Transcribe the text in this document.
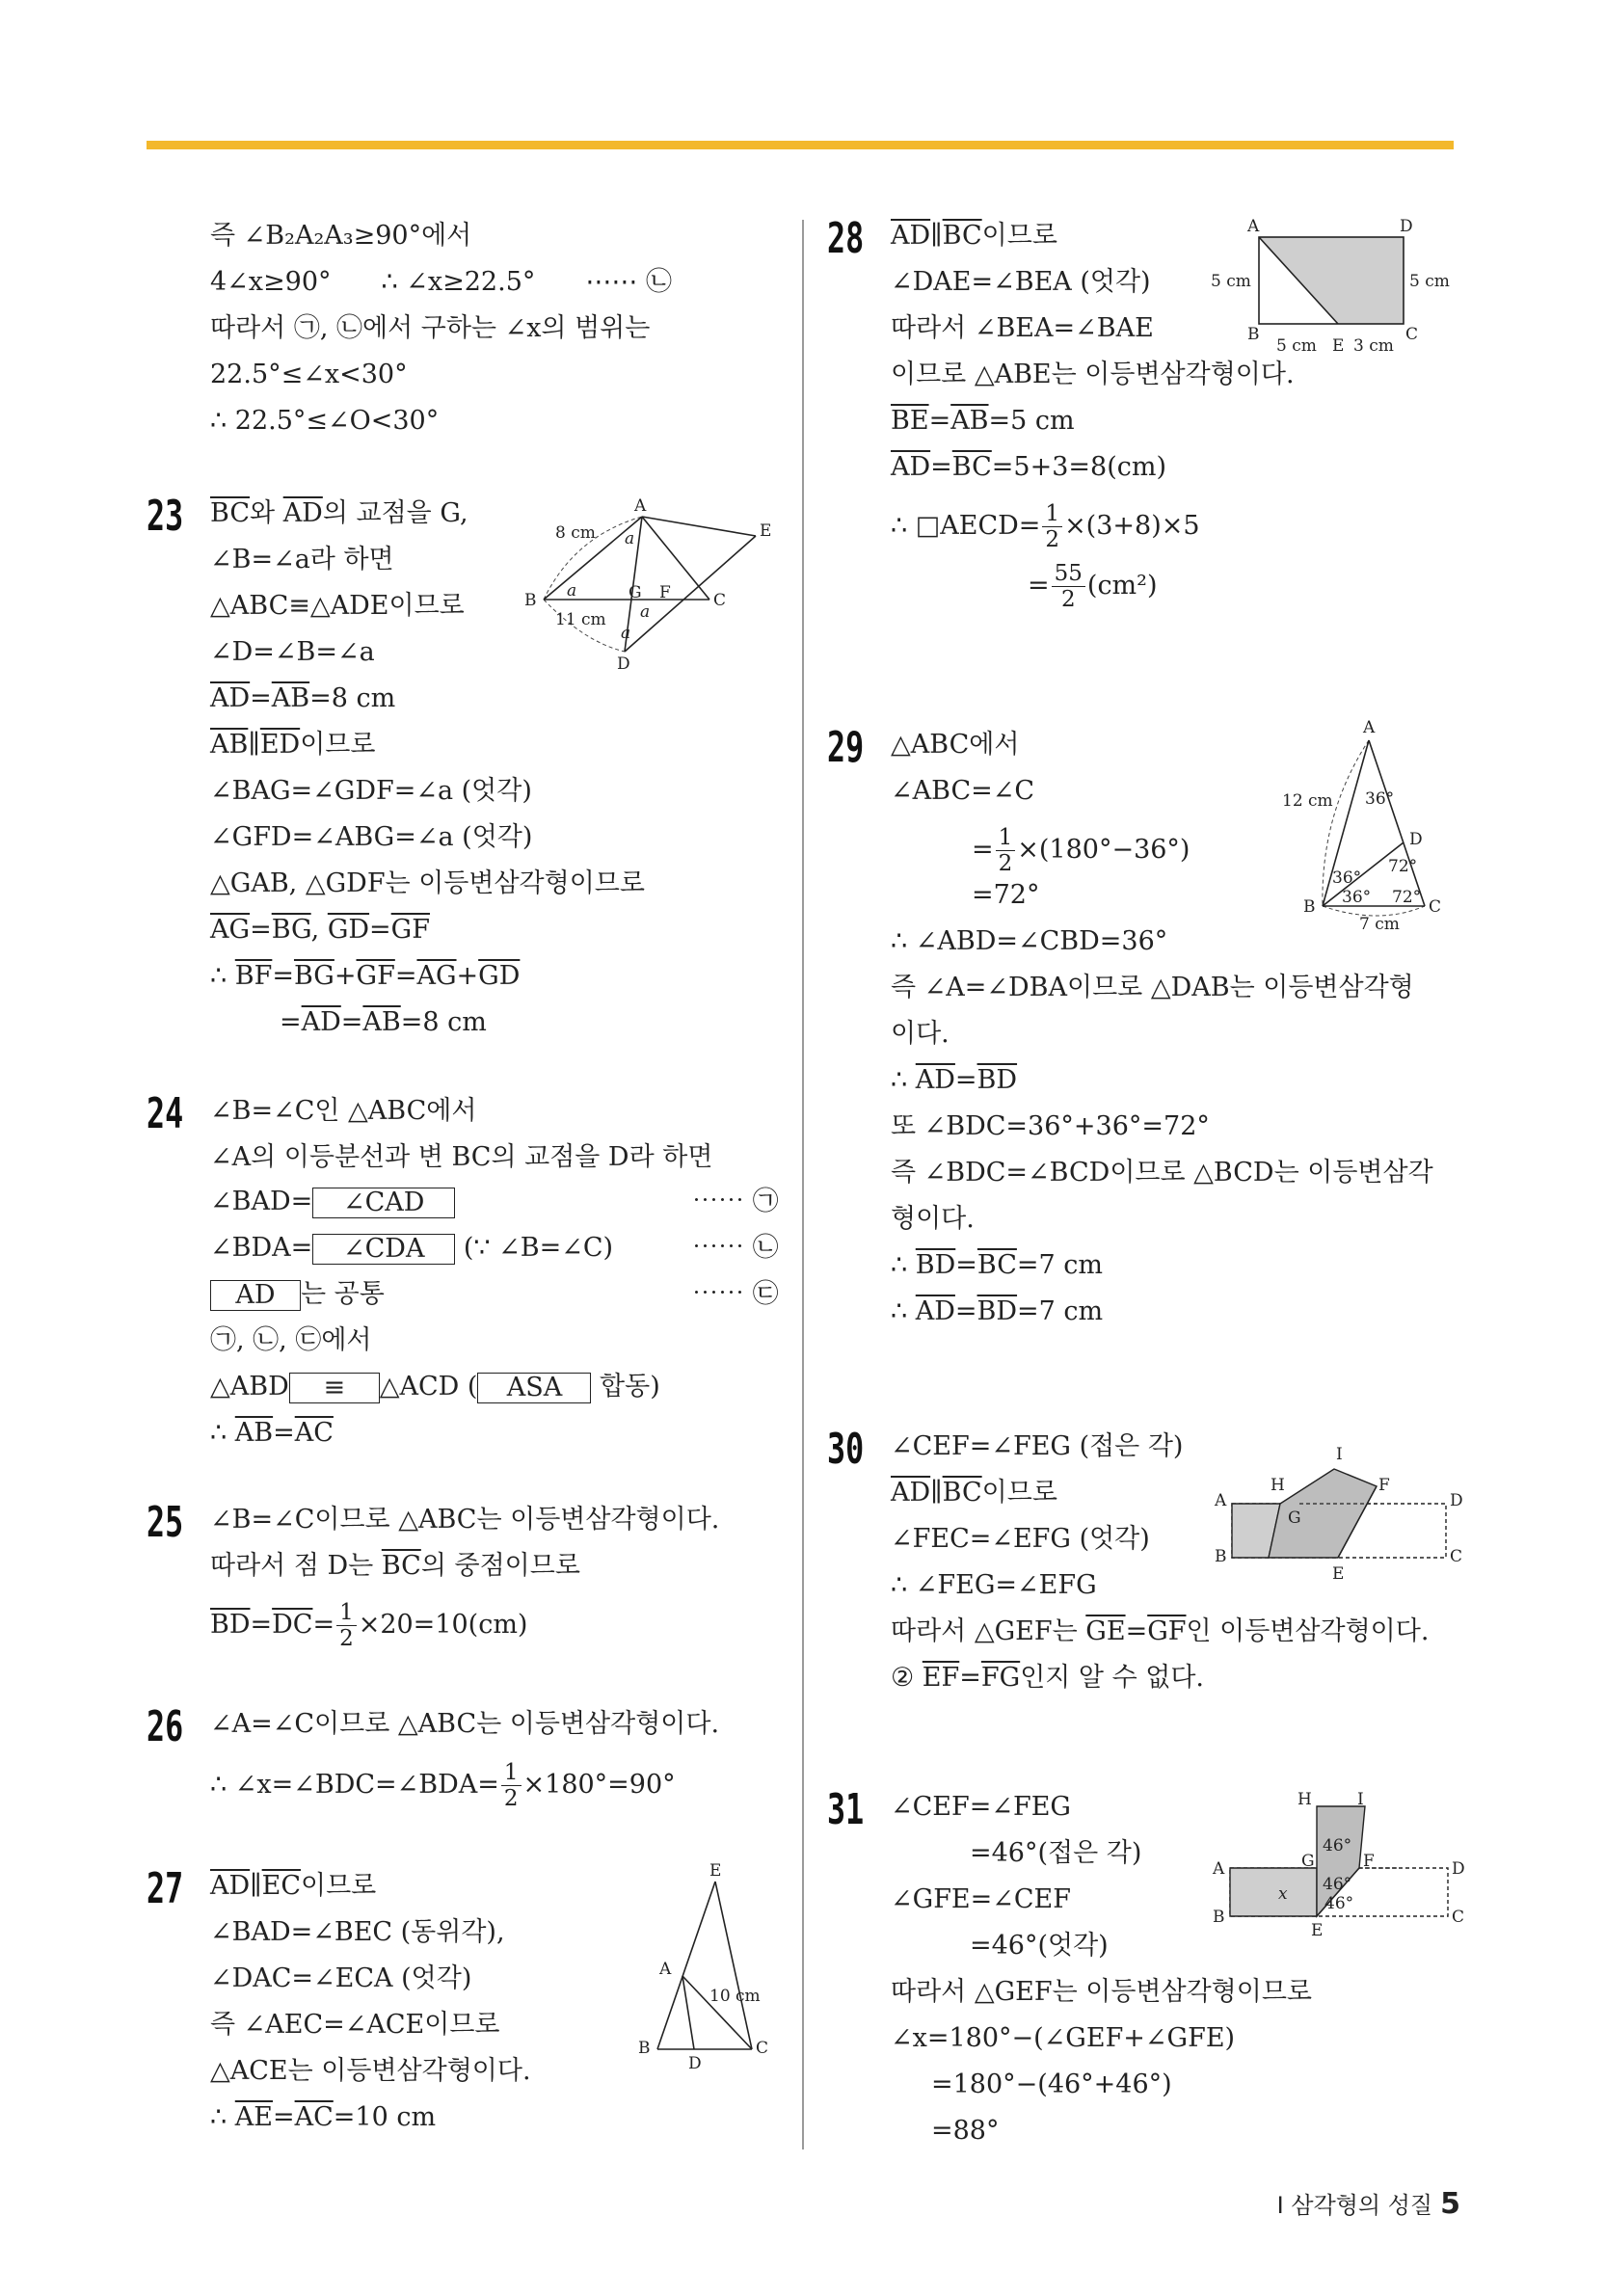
즉 ∠B₂A₂A₃≥90°에서
4∠x≥90° ∴ ∠x≥22.5° ⋯⋯ ㉡
따라서 ㉠, ㉡에서 구하는 ∠x의 범위는
22.5°≤∠x<30°
∴ 22.5°≤∠O<30°
23 $\overline{BC}$와 $\overline{AD}$의 교점을 G,
∠B=∠a라 하면
△ABC≡△ADE이므로
∠D=∠B=∠a
$\overline{AD}=\overline{AB}=8$ cm
$\overline{AB}\parallel\overline{ED}$이므로
∠BAG=∠GDF=∠a (엇각)
∠GFD=∠ABG=∠a (엇각)
△GAB, △GDF는 이등변삼각형이므로
$\overline{AG}=\overline{BG}$, $\overline{GD}=\overline{GF}$
∴ $\overline{BF}=\overline{BG}+\overline{GF}=\overline{AG}+\overline{GD}$
$=\overline{AD}=\overline{AB}=8$ cm
A
B	C
D
E
F
G
8 cm
11 cm
a
a
a
a
24 ∠B=∠C인 △ABC에서
∠A의 이등분선과 변 BC의 교점을 D라 하면
∠BAD= ∠CAD	⋯⋯ ㉠
∠BDA= ∠CDA (∵ ∠B=∠C)	⋯⋯ ㉡
AD 는 공통	⋯⋯ ㉢
㉠, ㉡, ㉢에서
△ABD ≡ △ACD ( ASA 합동)
∴ $\overline{AB}=\overline{AC}$
25 ∠B=∠C이므로 △ABC는 이등변삼각형이다.
따라서 점 D는 $\overline{BC}$의 중점이므로
$\overline{BD}=\overline{DC}= \frac{1}{2} \times 20=10(cm)$
26 ∠A=∠C이므로 △ABC는 이등변삼각형이다.
∴ ∠x=∠BDC=∠BDA= $\frac{1}{2} \times 180^\circ=90^\circ$
27 $\overline{AD}\parallel\overline{EC}$이므로
∠BAD=∠BEC (동위각),
∠DAC=∠ECA (엇각)
즉 ∠AEC=∠ACE이므로
△ACE는 이등변삼각형이다.
∴ $\overline{AE}=\overline{AC}=10$ cm
E
A
B	C
D
10 cm
28 $\overline{AD}\parallel\overline{BC}$이므로
∠DAE=∠BEA (엇각)
따라서 ∠BEA=∠BAE
이므로 △ABE는 이등변삼각형이다.
$\overline{BE}=\overline{AB}=5$ cm
$\overline{AD}=\overline{BC}=5+3=8(cm)$
∴ □AECD= $\frac{1}{2} \times(3+8)\times 5$
= $\frac{55}{2} (cm^2)$
A	D
B	C
E
5 cm	5 cm
5 cm 3 cm
29 △ABC에서
∠ABC=∠C
= $\frac{1}{2} \times(180^\circ-36^\circ)$
=72°
∴ ∠ABD=∠CBD=36°
즉 ∠A=∠DBA이므로 △DAB는 이등변삼각형
이다.
∴ $\overline{AD}=\overline{BD}$
또 ∠BDC=36°+36°=72°
즉 ∠BDC=∠BCD이므로 △BCD는 이등변삼각
형이다.
∴ $\overline{BD}=\overline{BC}=7$ cm
∴ $\overline{AD}=\overline{BD}=7$ cm
A
B	C
D
12 cm
7 cm
36°
36°
36°
72°
72°
30 ∠CEF=∠FEG (접은 각)
$\overline{AD}\parallel\overline{BC}$이므로
∠FEC=∠EFG (엇각)
∴ ∠FEG=∠EFG
따라서 △GEF는 $\overline{GE}=\overline{GF}$인 이등변삼각형이다.
② $\overline{EF}=\overline{FG}$인지 알 수 없다.
A	D
B	C
E
F
G
H
I
31 ∠CEF=∠FEG
=46°(접은 각)
∠GFE=∠CEF
=46°(엇각)
따라서 △GEF는 이등변삼각형이므로
∠x=180°−(∠GEF+∠GFE)
=180°−(46°+46°)
=88°
A	D
B	C
E
F
G
H	I
x
46°
46°
46°
Ⅰ 삼각형의 성질 5
